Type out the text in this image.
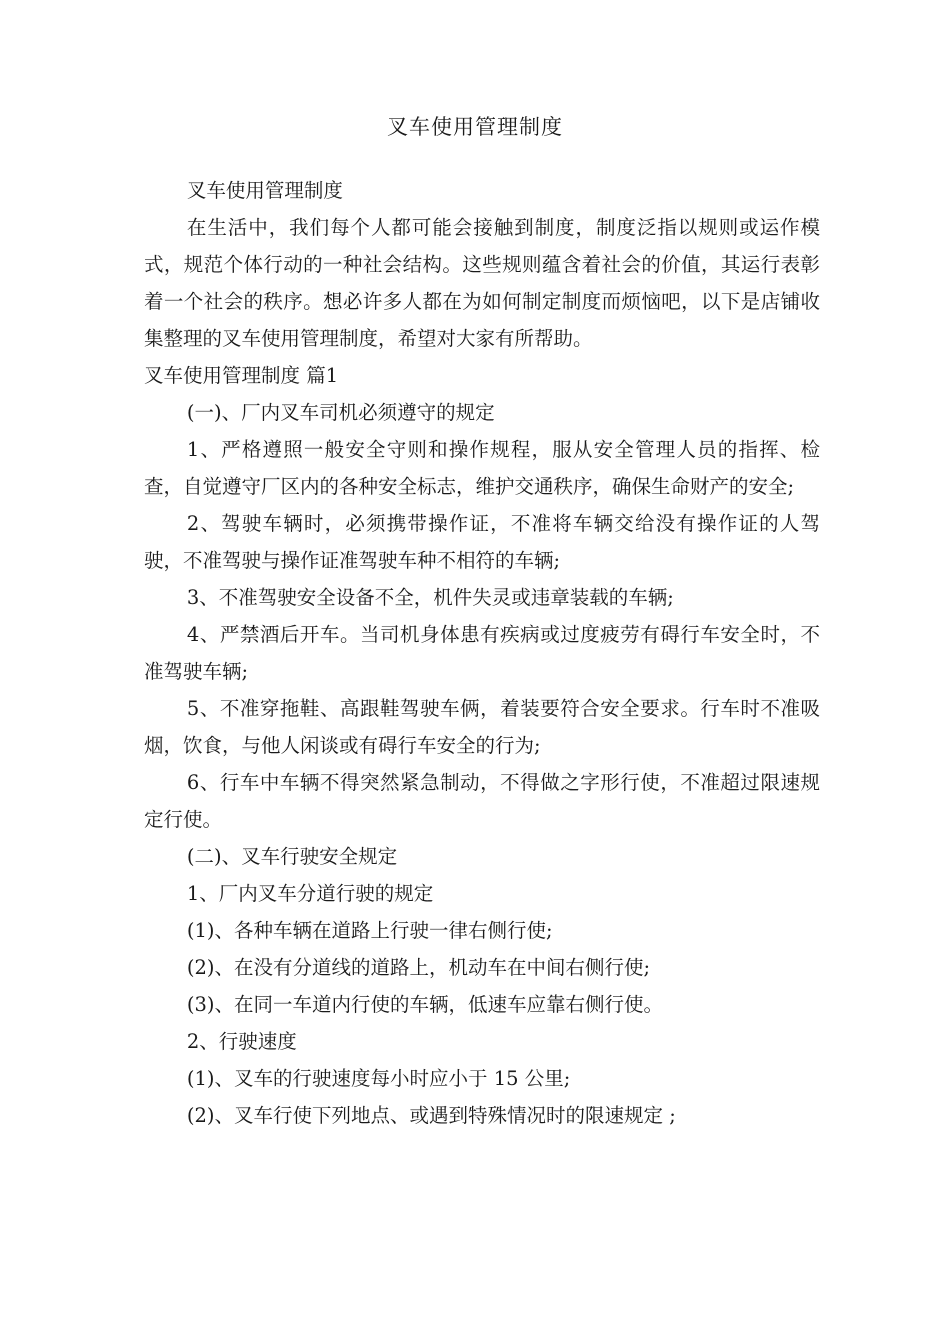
叉车使用管理制度

叉车使用管理制度

在生活中，我们每个人都可能会接触到制度，制度泛指以规则或运作模式，规范个体行动的一种社会结构。这些规则蕴含着社会的价值，其运行表彰着一个社会的秩序。想必许多人都在为如何制定制度而烦恼吧，以下是店铺收集整理的叉车使用管理制度，希望对大家有所帮助。

叉车使用管理制度 篇1

(一)、厂内叉车司机必须遵守的规定

1、严格遵照一般安全守则和操作规程，服从安全管理人员的指挥、检查，自觉遵守厂区内的各种安全标志，维护交通秩序，确保生命财产的安全;

2、驾驶车辆时，必须携带操作证，不准将车辆交给没有操作证的人驾驶，不准驾驶与操作证准驾驶车种不相符的车辆;

3、不准驾驶安全设备不全，机件失灵或违章装载的车辆;

4、严禁酒后开车。当司机身体患有疾病或过度疲劳有碍行车安全时，不准驾驶车辆;

5、不准穿拖鞋、高跟鞋驾驶车俩，着装要符合安全要求。行车时不准吸烟，饮食，与他人闲谈或有碍行车安全的行为;

6、行车中车辆不得突然紧急制动，不得做之字形行使，不准超过限速规定行使。

(二)、叉车行驶安全规定

1、厂内叉车分道行驶的规定

(1)、各种车辆在道路上行驶一律右侧行使;

(2)、在没有分道线的道路上，机动车在中间右侧行使;

(3)、在同一车道内行使的车辆，低速车应靠右侧行使。

2、行驶速度

(1)、叉车的行驶速度每小时应小于 15 公里;

(2)、叉车行使下列地点、或遇到特殊情况时的限速规定 ;
